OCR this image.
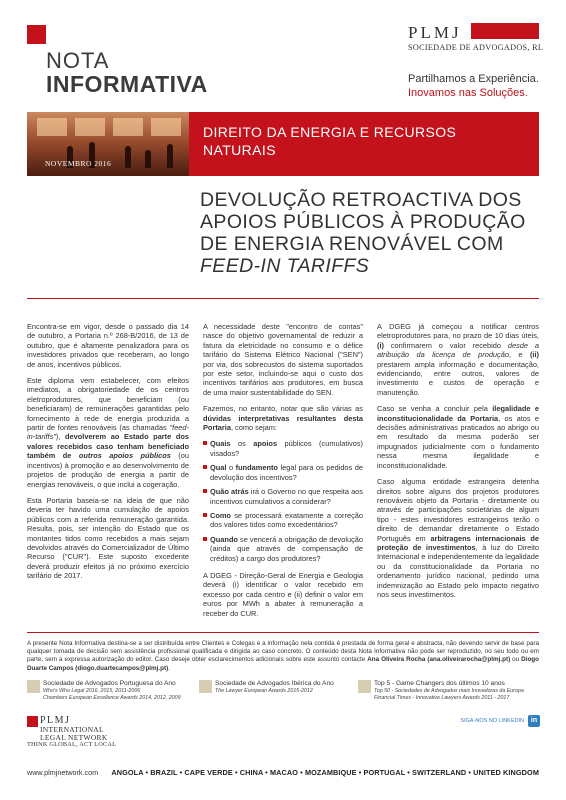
NOTA
INFORMATIVA
PLMJ
SOCIEDADE DE ADVOGADOS, RL
Partilhamos a Experiência.
Inovamos nas Soluções.
NOVEMBRO 2016
DIREITO DA ENERGIA E RECURSOS
NATURAIS
DEVOLUÇÃO RETROACTIVA DOS
APOIOS PÚBLICOS À PRODUÇÃO
DE ENERGIA RENOVÁVEL COM
FEED-IN TARIFFS

Encontra-se em vigor, desde o passado dia 14 de outubro, a Portaria n.º 268-B/2016, de 13 de outubro, que é altamente penalizadora para os investidores privados que receberam, ao longo de anos, incentivos públicos.

Este diploma vem estabelecer, com efeitos imediatos, a obrigatoriedade de os centros eletroprodutores, que beneficiam (ou beneficiaram) de remunerações garantidas pelo fornecimento à rede de energia produzida a partir de fontes renováveis (as chamadas "feed-in-tariffs"), devolverem ao Estado parte dos valores recebidos caso tenham beneficiado também de outros apoios públicos (ou incentivos) à promoção e ao desenvolvimento de projetos de produção de energia a partir de energias renováveis, o que inclui a cogeração.

Esta Portaria baseia-se na ideia de que não deveria ter havido uma cumulação de apoios públicos com a referida remuneração garantida. Resulta, pois, ser intenção do Estado que os montantes tidos como recebidos a mais sejam devolvidos através do Comercializador de Último Recurso ("CUR"). Este suposto excedente deverá produzir efeitos já no próximo exercício tarifário de 2017.

A necessidade deste "encontro de contas" nasce do objetivo governamental de reduzir a fatura da eletricidade no consumo e o défice tarifário do Sistema Elétrico Nacional ("SEN") por via, dos sobrecustos do sistema suportados por este setor, incluindo-se aqui o custo dos incentivos tarifários aos produtores, em busca de uma maior sustentabilidade do SEN.

Fazemos, no entanto, notar que são várias as dúvidas interpretativas resultantes desta Portaria, como sejam:

Quais os apoios públicos (cumulativos) visados?
Qual o fundamento legal para os pedidos de devolução dos incentivos?
Quão atrás irá o Governo no que respeita aos incentivos cumulativos a considerar?
Como se processará exatamente a correção dos valores tidos como excedentários?
Quando se vencerá a obrigação de devolução (ainda que através de compensação de créditos) a cargo dos produtores?

A DGEG - Direção-Geral de Energia e Geologia deverá (i) identificar o valor recebido em excesso por cada centro e (ii) definir o valor em euros por MWh a abater à remuneração a receber do CUR.

A DGEG já começou a notificar centros eletroprodutores para, no prazo de 10 dias úteis, (i) confirmarem o valor recebido desde a atribuição da licença de produção, e (ii) prestarem ampla informação e documentação, evidenciando, entre outros, valores de investimento e custos de operação e manutenção.

Caso se venha a concluir pela ilegalidade e inconstitucionalidade da Portaria, os atos e decisões administrativas praticados ao abrigo ou em resultado da mesma poderão ser impugnados judicialmente com o fundamento nessa mesma ilegalidade e inconstitucionalidade.

Caso alguma entidade estrangeira detenha direitos sobre alguns dos projetos produtores renováveis objeto da Portaria - diretamente ou através de participações societárias de algum tipo - estes investidores estrangeiros terão o direito de demandar diretamente o Estado Português em arbitragens internacionais de proteção de investimentos, à luz do Direito Internacional e independentemente da legalidade ou da constitucionalidade da Portaria no ordenamento jurídico nacional, pedindo uma indemnização ao Estado pelo impacto negativo nos seus investimentos.

A presente Nota Informativa destina-se a ser distribuída entre Clientes e Colegas e a informação nela contida é prestada de forma geral e abstracta, não devendo servir de base para qualquer tomada de decisão sem assistência profissional qualificada e dirigida ao caso concreto. O conteúdo desta Nota Informativa não pode ser reproduzido, no seu todo ou em parte, sem a expressa autorização do editor. Caso deseje obter esclarecimentos adicionais sobre este assunto contacte Ana Oliveira Rocha (ana.oliveirarocha@plmj.pt) ou Diogo Duarte Campos (diogo.duartecampos@plmj.pt).
Sociedade de Advogados Portuguesa do Ano
Who's Who Legal 2016, 2015, 2011-2006
Chambers European Excellence Awards 2014, 2012, 2009
Sociedade de Advogados Ibérica do Ano
The Lawyer European Awards 2015-2012
Top 5 - Game Changers dos últimos 10 anos
Top 50 - Sociedades de Advogados mais Inovadoras da Europa
Financial Times - Innovative Lawyers Awards 2011 - 2017
PLMJ
INTERNATIONAL
LEGAL NETWORK
THINK GLOBAL, ACT LOCAL
SIGA-NOS NO LINKEDIN in
www.plmjnetwork.com ANGOLA • BRAZIL • CAPE VERDE • CHINA • MACAO • MOZAMBIQUE • PORTUGAL • SWITZERLAND • UNITED KINGDOM
